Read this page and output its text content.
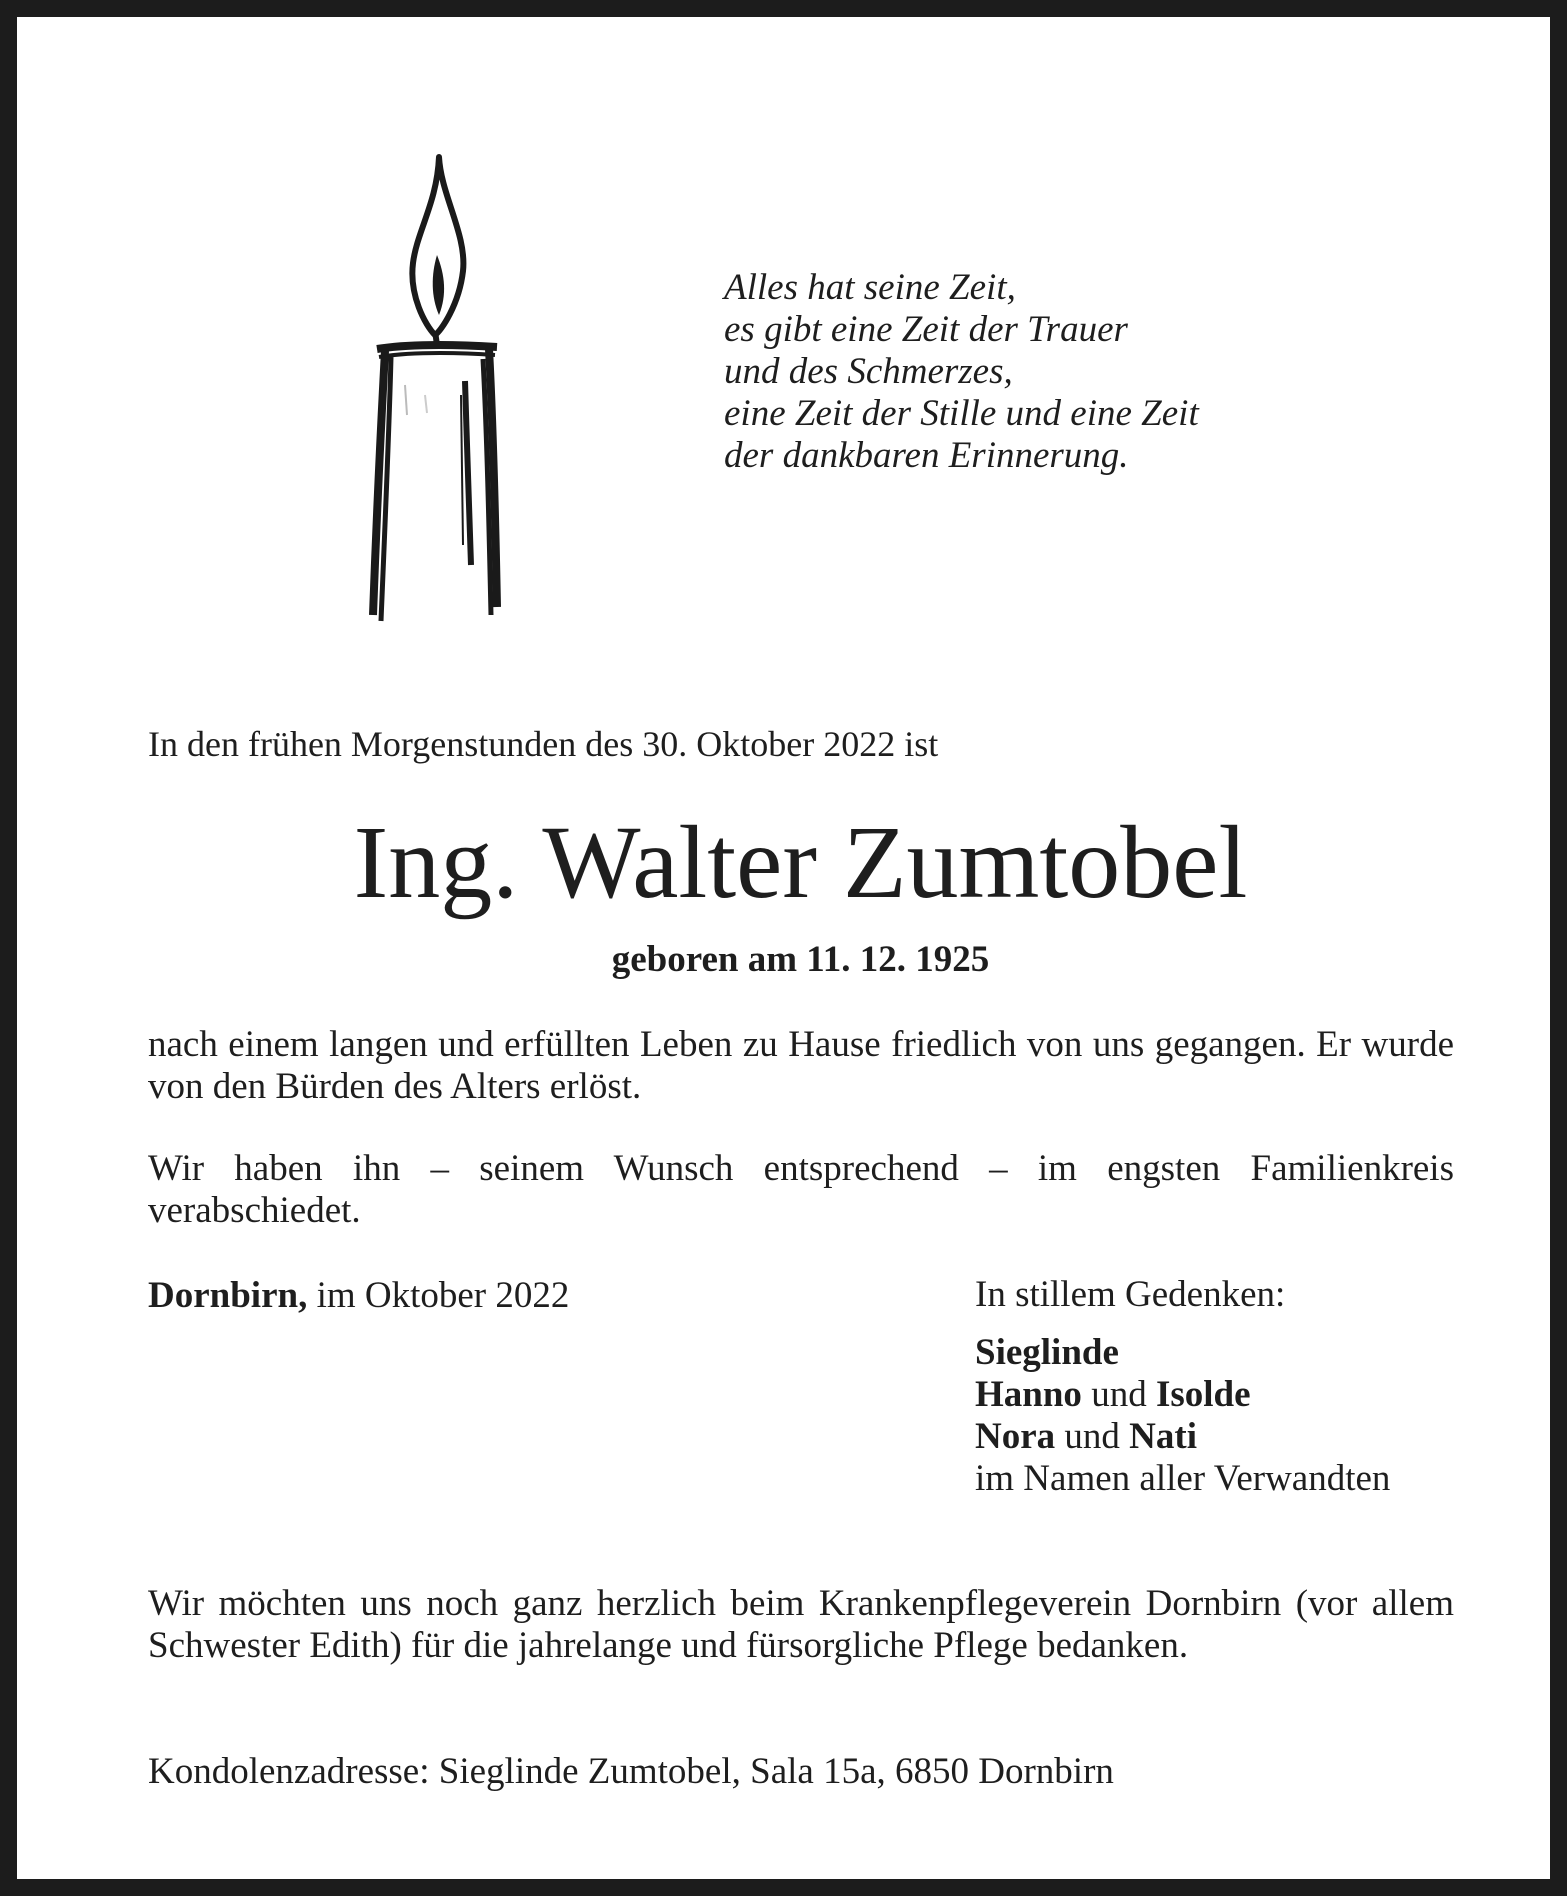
Alles hat seine Zeit,
es gibt eine Zeit der Trauer
und des Schmerzes,
eine Zeit der Stille und eine Zeit
der dankbaren Erinnerung.
In den frühen Morgenstunden des 30. Oktober 2022 ist
Ing. Walter Zumtobel
geboren am 11. 12. 1925
nach einem langen und erfüllten Leben zu Hause friedlich von uns gegangen. Er wurde von den Bürden des Alters erlöst.
Wir haben ihn – seinem Wunsch entsprechend – im engsten Familienkreis verabschiedet.
Dornbirn, im Oktober 2022	In stillem Gedenken:
Sieglinde
Hanno und Isolde
Nora und Nati
im Namen aller Verwandten
Wir möchten uns noch ganz herzlich beim Krankenpflegeverein Dornbirn (vor allem Schwester Edith) für die jahrelange und fürsorgliche Pflege bedanken.
Kondolenzadresse: Sieglinde Zumtobel, Sala 15a, 6850 Dornbirn
